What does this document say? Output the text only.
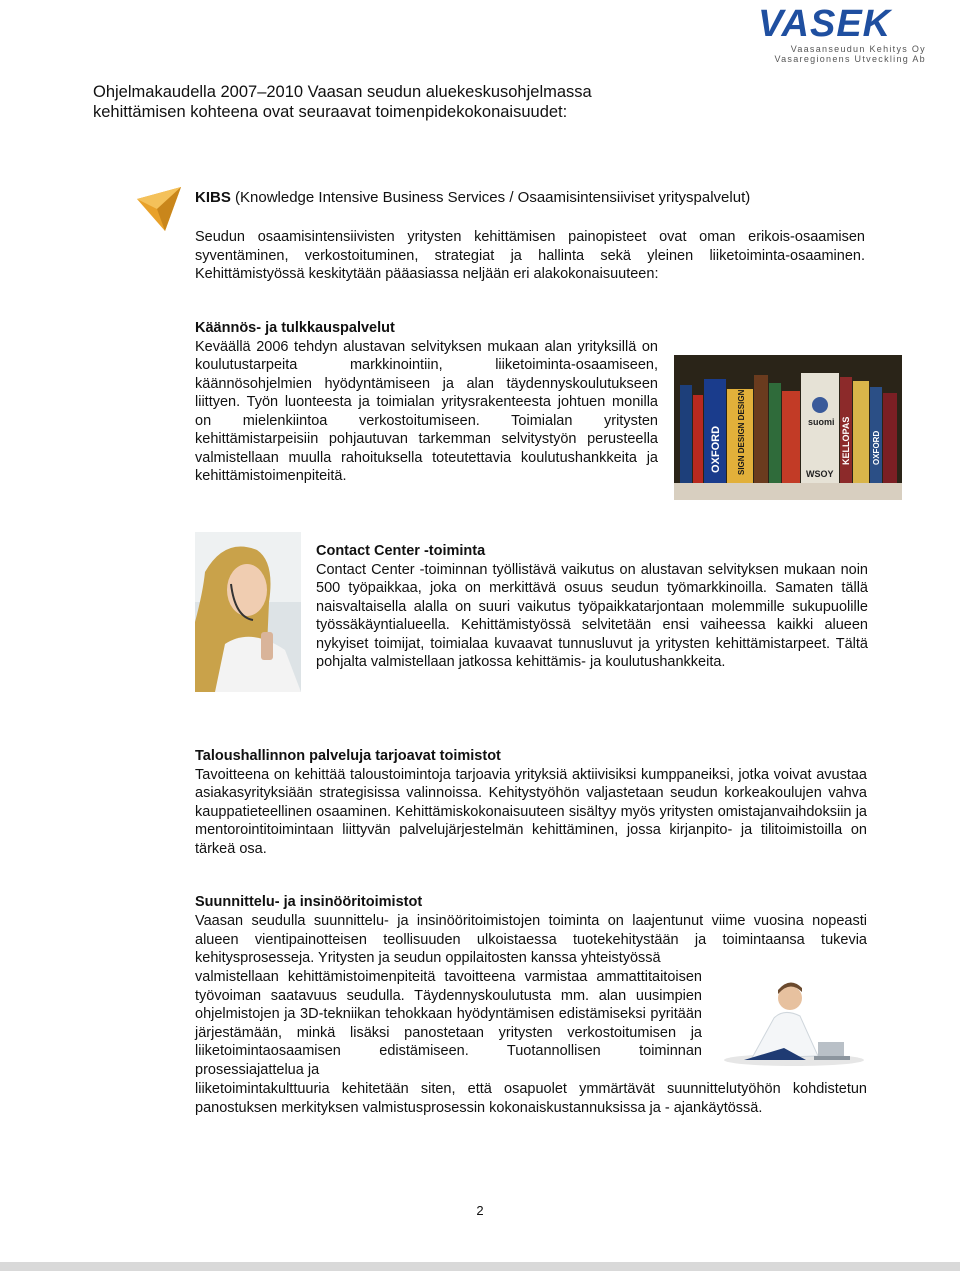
VASEK
Vaasanseudun Kehitys Oy
Vasaregionens Utveckling Ab
Ohjelmakaudella 2007–2010 Vaasan seudun aluekeskusohjelmassa
kehittämisen kohteena ovat seuraavat toimenpidekokonaisuudet:
KIBS (Knowledge Intensive Business Services / Osaamisintensiiviset yrityspalvelut)

Seudun osaamisintensiivisten yritysten kehittämisen painopisteet ovat oman erikois-osaamisen syventäminen, verkostoituminen, strategiat ja hallinta sekä yleinen liiketoiminta-osaaminen. Kehittämistyössä keskitytään pääasiassa neljään eri alakokonaisuuteen:

Käännös- ja tulkkauspalvelut

Keväällä 2006 tehdyn alustavan selvityksen mukaan alan yrityksillä on koulutustarpeita markkinointiin, liiketoiminta-osaamiseen, käännösohjelmien hyödyntämiseen ja alan täydennyskoulutukseen liittyen. Työn luonteesta ja toimialan yritysrakenteesta johtuen monilla on mielenkiintoa verkostoitumiseen. Toimialan yritysten kehittämistarpeisiin pohjautuvan tarkemman selvitystyön perusteella valmistellaan muulla rahoituksella toteutettavia koulutushankkeita ja kehittämistoimenpiteitä.

OXFORD SIGN DESIGN DESIGN	KELLOPAS
suomi
WSOY
OXFORD
Contact Center -toiminta

Contact Center -toiminnan työllistävä vaikutus on alustavan selvityksen mukaan noin 500 työpaikkaa, joka on merkittävä osuus seudun työmarkkinoilla. Samaten tällä naisvaltaisella alalla on suuri vaikutus työpaikkatarjontaan molemmille sukupuolille työssäkäyntialueella. Kehittämistyössä selvitetään ensi vaiheessa kaikki alueen nykyiset toimijat, toimialaa kuvaavat tunnusluvut ja yritysten kehittämistarpeet. Tältä pohjalta valmistellaan jatkossa kehittämis- ja koulutushankkeita.

Taloushallinnon palveluja tarjoavat toimistot

Tavoitteena on kehittää taloustoimintoja tarjoavia yrityksiä aktiivisiksi kumppaneiksi, jotka voivat avustaa asiakasyrityksiään strategisissa valinnoissa. Kehitystyöhön valjastetaan seudun korkeakoulujen vahva kauppatieteellinen osaaminen. Kehittämiskokonaisuuteen sisältyy myös yritysten omistajanvaihdoksiin ja mentorointitoimintaan liittyvän palvelujärjestelmän kehittäminen, jossa kirjanpito- ja tilitoimistoilla on tärkeä osa.

Suunnittelu- ja insinööritoimistot

Vaasan seudulla suunnittelu- ja insinööritoimistojen toiminta on laajentunut viime vuosina nopeasti alueen vientipainotteisen teollisuuden ulkoistaessa tuotekehitystään ja toimintaansa tukevia kehitysprosesseja. Yritysten ja seudun oppilaitosten kanssa yhteistyössä

valmistellaan kehittämistoimenpiteitä tavoitteena varmistaa ammattitaitoisen työvoiman saatavuus seudulla. Täydennyskoulutusta mm. alan uusimpien ohjelmistojen ja 3D-tekniikan tehokkaan hyödyntämisen edistämiseksi pyritään järjestämään, minkä lisäksi panostetaan yritysten verkostoitumisen ja liiketoimintaosaamisen edistämiseen. Tuotannollisen toiminnan prosessiajattelua ja

liiketoimintakulttuuria kehitetään siten, että osapuolet ymmärtävät suunnittelutyöhön kohdistetun panostuksen merkityksen valmistusprosessin kokonaiskustannuksissa ja - ajankäytössä.

2
